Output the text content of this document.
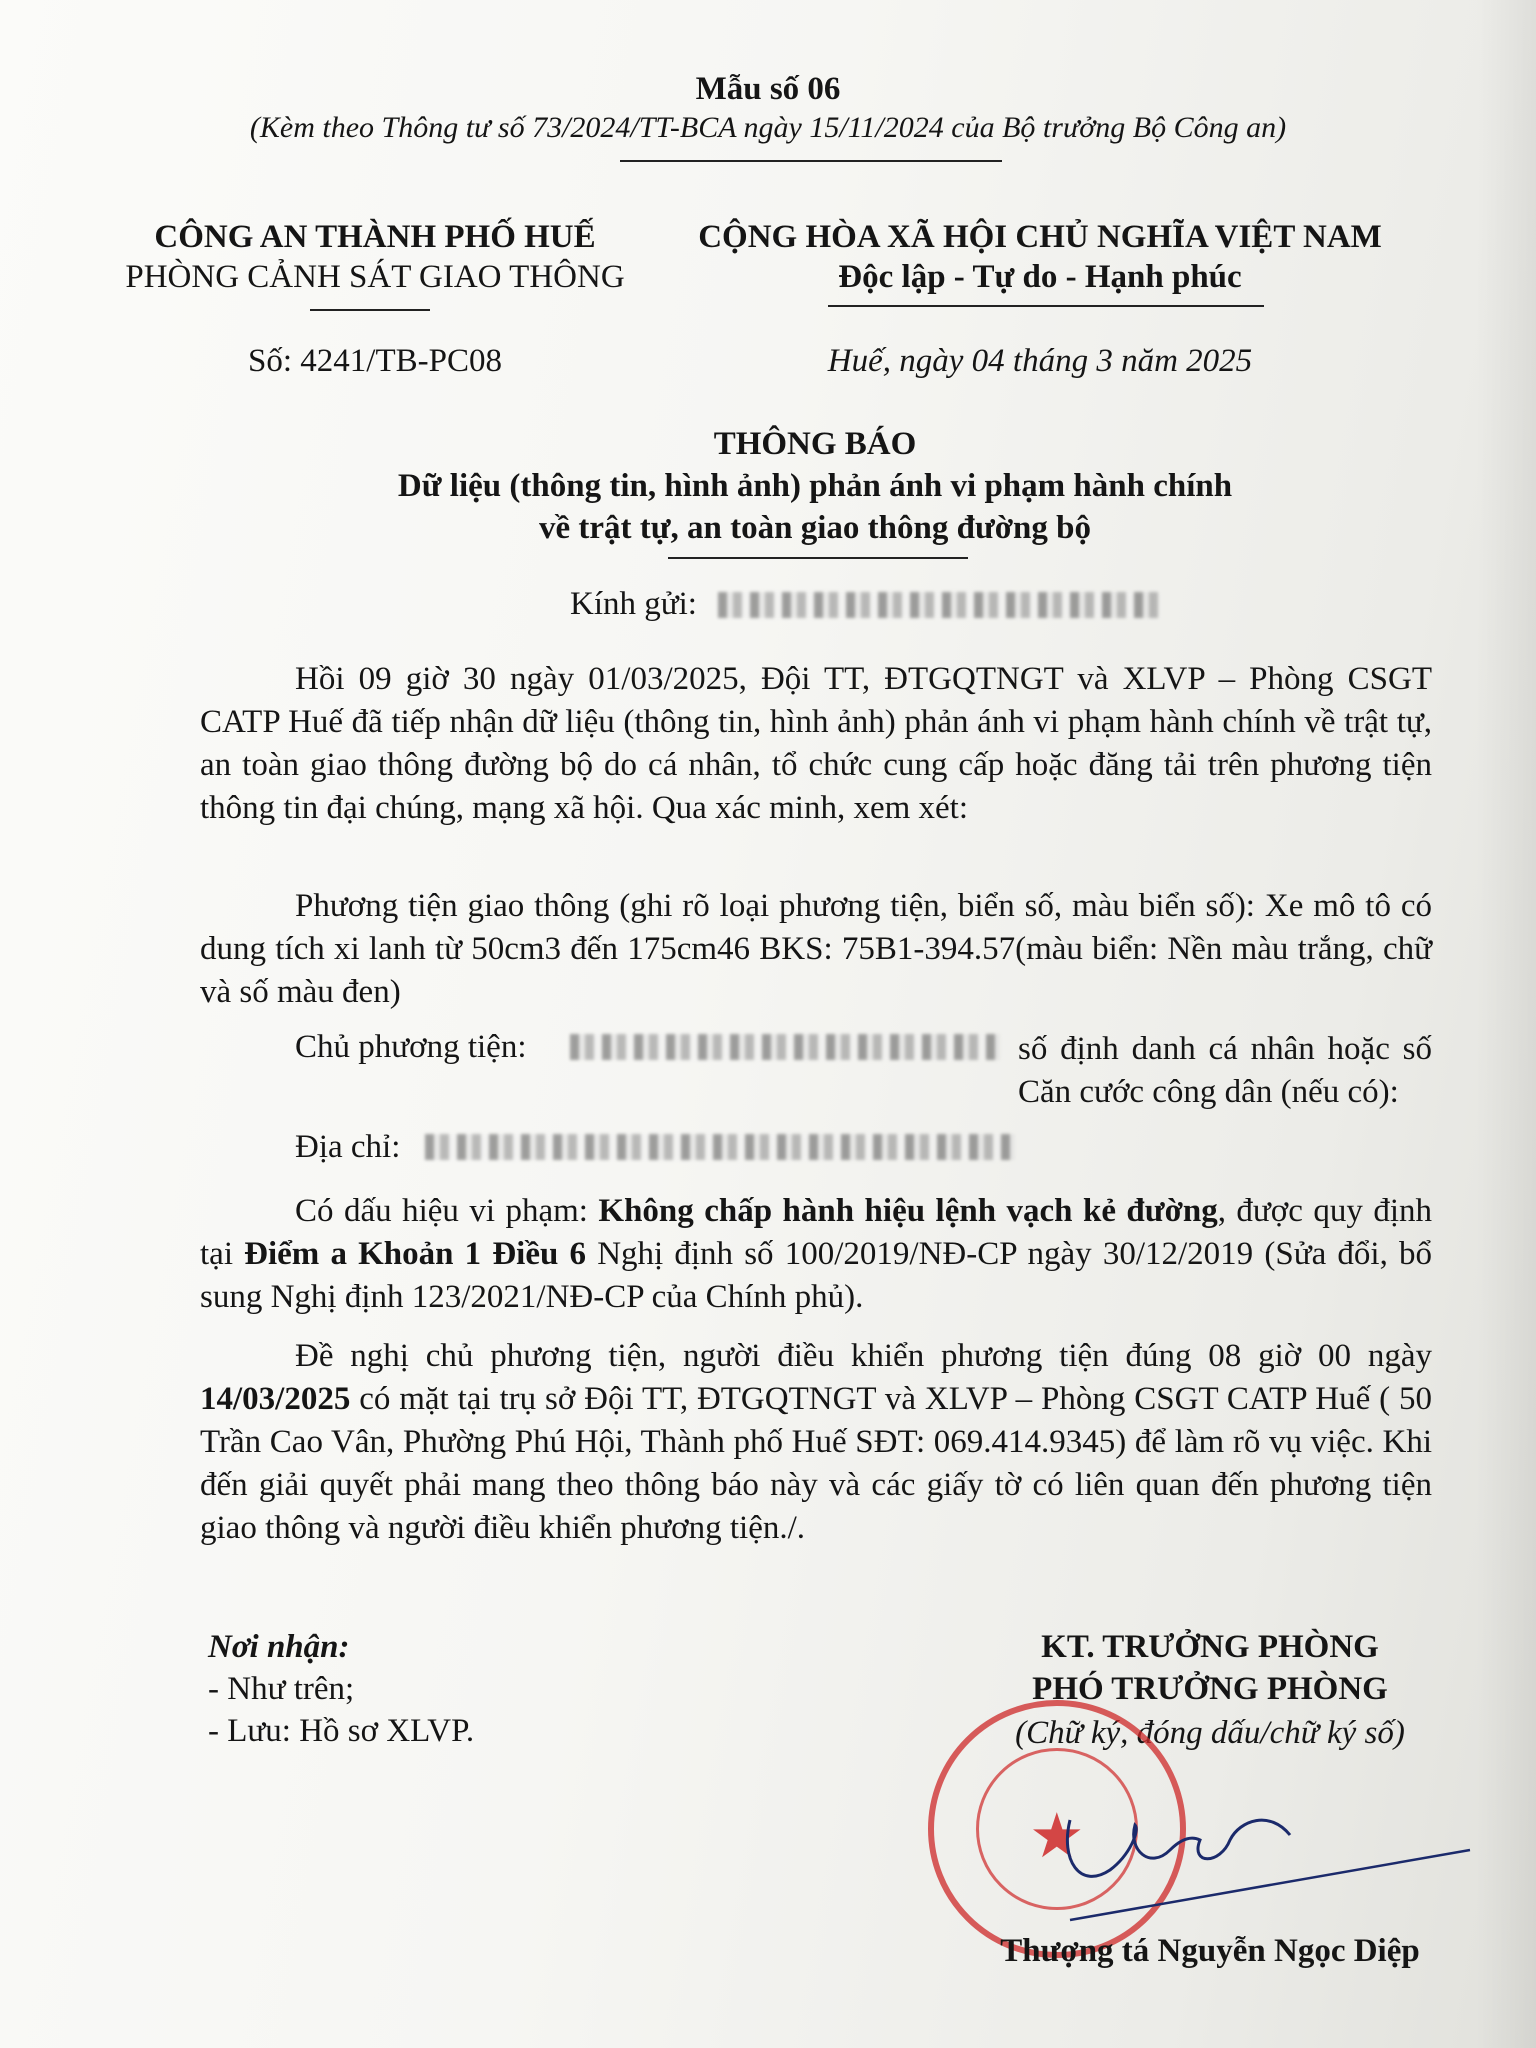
Mẫu số 06
(Kèm theo Thông tư số 73/2024/TT-BCA ngày 15/11/2024 của Bộ trưởng Bộ Công an)
CÔNG AN THÀNH PHỐ HUẾ
PHÒNG CẢNH SÁT GIAO THÔNG
Số: 4241/TB-PC08
CỘNG HÒA XÃ HỘI CHỦ NGHĨA VIỆT NAM
Độc lập - Tự do - Hạnh phúc
Huế, ngày 04 tháng 3 năm 2025
THÔNG BÁO
Dữ liệu (thông tin, hình ảnh) phản ánh vi phạm hành chính
về trật tự, an toàn giao thông đường bộ
Kính gửi:
Hồi 09 giờ 30 ngày 01/03/2025, Đội TT, ĐTGQTNGT và XLVP – Phòng CSGT CATP Huế đã tiếp nhận dữ liệu (thông tin, hình ảnh) phản ánh vi phạm hành chính về trật tự, an toàn giao thông đường bộ do cá nhân, tổ chức cung cấp hoặc đăng tải trên phương tiện thông tin đại chúng, mạng xã hội. Qua xác minh, xem xét:
Phương tiện giao thông (ghi rõ loại phương tiện, biển số, màu biển số): Xe mô tô có dung tích xi lanh từ 50cm3 đến 175cm46 BKS: 75B1-394.57(màu biển: Nền màu trắng, chữ và số màu đen)
Chủ phương tiện:	số định danh cá nhân hoặc số Căn cước công dân (nếu có):
Địa chỉ:
Có dấu hiệu vi phạm: Không chấp hành hiệu lệnh vạch kẻ đường, được quy định tại Điểm a Khoản 1 Điều 6 Nghị định số 100/2019/NĐ-CP ngày 30/12/2019 (Sửa đổi, bổ sung Nghị định 123/2021/NĐ-CP của Chính phủ).
Đề nghị chủ phương tiện, người điều khiển phương tiện đúng 08 giờ 00 ngày 14/03/2025 có mặt tại trụ sở Đội TT, ĐTGQTNGT và XLVP – Phòng CSGT CATP Huế ( 50 Trần Cao Vân, Phường Phú Hội, Thành phố Huế SĐT: 069.414.9345) để làm rõ vụ việc. Khi đến giải quyết phải mang theo thông báo này và các giấy tờ có liên quan đến phương tiện giao thông và người điều khiển phương tiện./.
Nơi nhận:
- Như trên;
- Lưu: Hồ sơ XLVP.
KT. TRƯỞNG PHÒNG
PHÓ TRƯỞNG PHÒNG
(Chữ ký, đóng dấu/chữ ký số)
★
Thượng tá Nguyễn Ngọc Diệp
